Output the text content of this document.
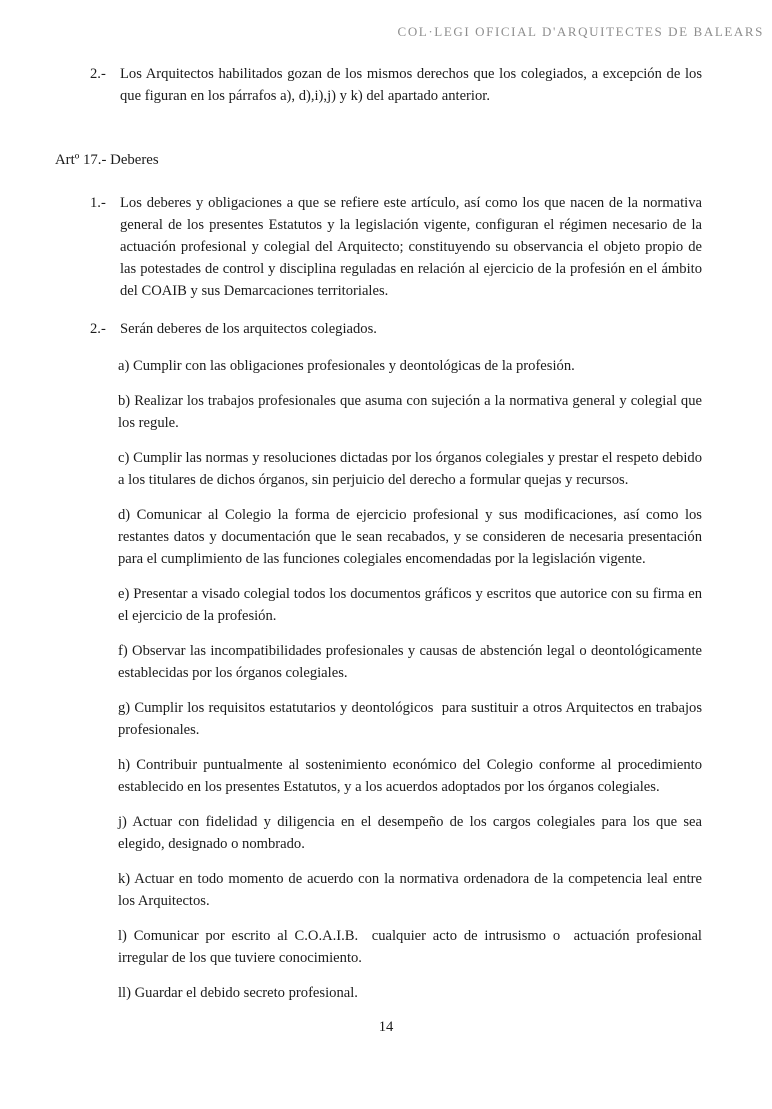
COL·LEGI OFICIAL D'ARQUITECTES DE BALEARS
2.- Los Arquitectos habilitados gozan de los mismos derechos que los colegiados, a excepción de los que figuran en los párrafos a), d),i),j) y k) del apartado anterior.
Artº 17.- Deberes
1.- Los deberes y obligaciones a que se refiere este artículo, así como los que nacen de la normativa general de los presentes Estatutos y la legislación vigente, configuran el régimen necesario de la actuación profesional y colegial del Arquitecto; constituyendo su observancia el objeto propio de las potestades de control y disciplina reguladas en relación al ejercicio de la profesión en el ámbito del COAIB y sus Demarcaciones territoriales.
2.- Serán deberes de los arquitectos colegiados.

a) Cumplir con las obligaciones profesionales y deontológicas de la profesión.

b) Realizar los trabajos profesionales que asuma con sujeción a la normativa general y colegial que los regule.

c) Cumplir las normas y resoluciones dictadas por los órganos colegiales y prestar el respeto debido a los titulares de dichos órganos, sin perjuicio del derecho a formular quejas y recursos.

d) Comunicar al Colegio la forma de ejercicio profesional y sus modificaciones, así como los restantes datos y documentación que le sean recabados, y se consideren de necesaria presentación para el cumplimiento de las funciones colegiales encomendadas por la legislación vigente.

e) Presentar a visado colegial todos los documentos gráficos y escritos que autorice con su firma en el ejercicio de la profesión.

f) Observar las incompatibilidades profesionales y causas de abstención legal o deontológicamente establecidas por los órganos colegiales.

g) Cumplir los requisitos estatutarios y deontológicos  para sustituir a otros Arquitectos en trabajos profesionales.

h) Contribuir puntualmente al sostenimiento económico del Colegio conforme al procedimiento establecido en los presentes Estatutos, y a los acuerdos adoptados por los órganos colegiales.

j) Actuar con fidelidad y diligencia en el desempeño de los cargos colegiales para los que sea elegido, designado o nombrado.

k) Actuar en todo momento de acuerdo con la normativa ordenadora de la competencia leal entre los Arquitectos.

l) Comunicar por escrito al C.O.A.I.B.  cualquier acto de intrusismo o  actuación profesional irregular de los que tuviere conocimiento.

ll) Guardar el debido secreto profesional.

14
